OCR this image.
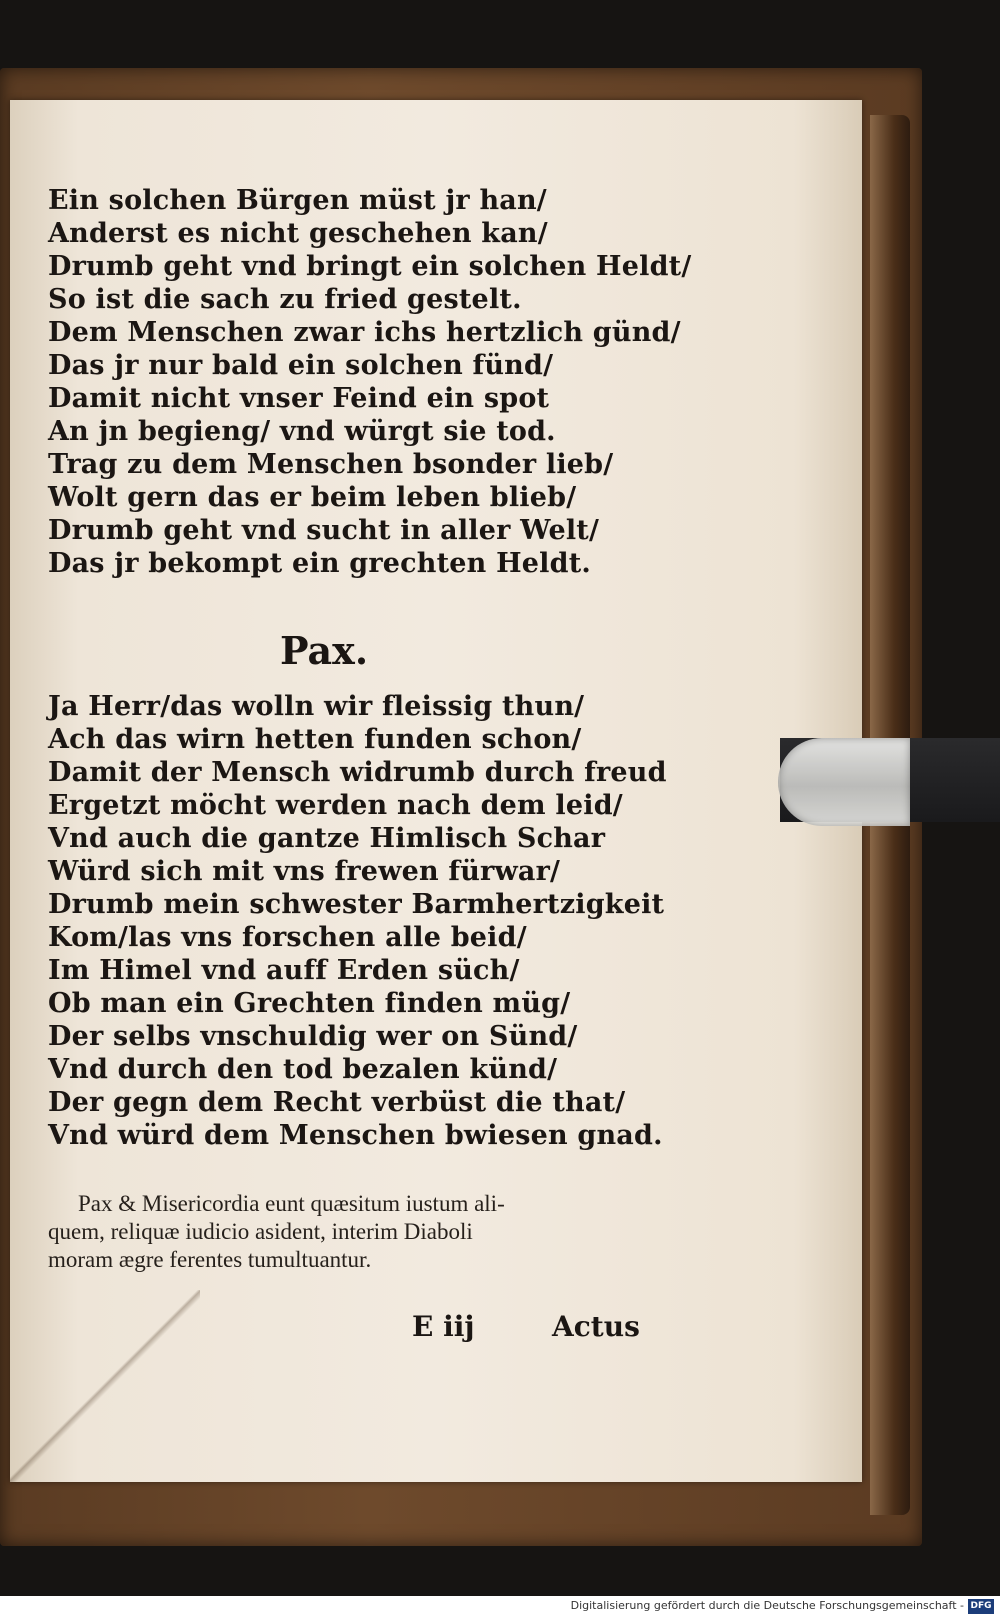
Ein solchen Bürgen müst jr han/
Anderst es nicht geschehen kan/
Drumb geht vnd bringt ein solchen Heldt/
So ist die sach zu fried gestelt.
Dem Menschen zwar ichs hertzlich günd/
Das jr nur bald ein solchen fünd/
Damit nicht vnser Feind ein spot
An jn begieng/ vnd würgt sie tod.
Trag zu dem Menschen bsonder lieb/
Wolt gern das er beim leben blieb/
Drumb geht vnd sucht in aller Welt/
Das jr bekompt ein grechten Heldt.
Pax.
Ja Herr/das wolln wir fleissig thun/
Ach das wirn hetten funden schon/
Damit der Mensch widrumb durch freud
Ergetzt möcht werden nach dem leid/
Vnd auch die gantze Himlisch Schar
Würd sich mit vns frewen fürwar/
Drumb mein schwester Barmhertzigkeit
Kom/las vns forschen alle beid/
Im Himel vnd auff Erden süch/
Ob man ein Grechten finden müg/
Der selbs vnschuldig wer on Sünd/
Vnd durch den tod bezalen künd/
Der gegn dem Recht verbüst die that/
Vnd würd dem Menschen bwiesen gnad.
Pax & Misericordia eunt quæsitum iustum ali-
quem, reliquæ iudicio asident, interim Diaboli
moram ægre ferentes tumultuantur.
E iij	Actus
Digitalisierung gefördert durch die Deutsche Forschungsgemeinschaft - DFG
